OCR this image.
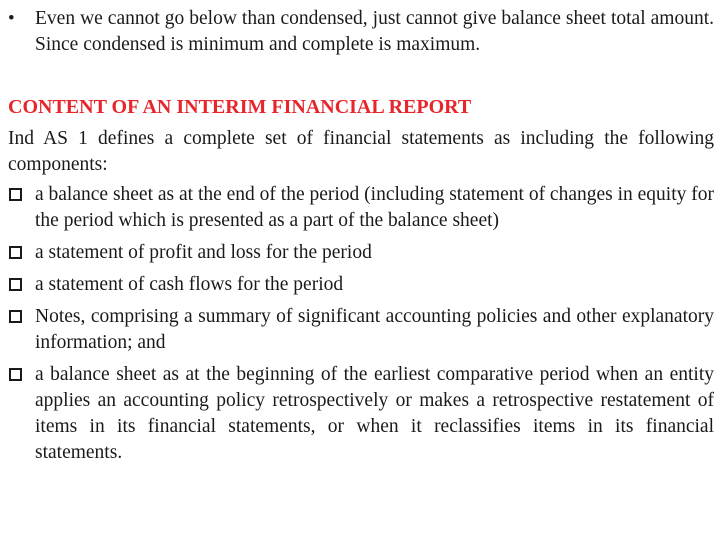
•	Even we cannot go below than condensed, just cannot give balance sheet total amount. Since condensed is minimum and complete is maximum.
CONTENT OF AN INTERIM FINANCIAL REPORT
Ind AS 1 defines a complete set of financial statements as including the following components:
a balance sheet as at the end of the period (including statement of changes in equity for the period which is presented as a part of the balance sheet)
a statement of profit and loss for the period
a statement of cash flows for the period
Notes, comprising a summary of significant accounting policies and other explanatory information; and
a balance sheet as at the beginning of the earliest comparative period when an entity applies an accounting policy retrospectively or makes a retrospective restatement of items in its financial statements, or when it reclassifies items in its financial statements.
